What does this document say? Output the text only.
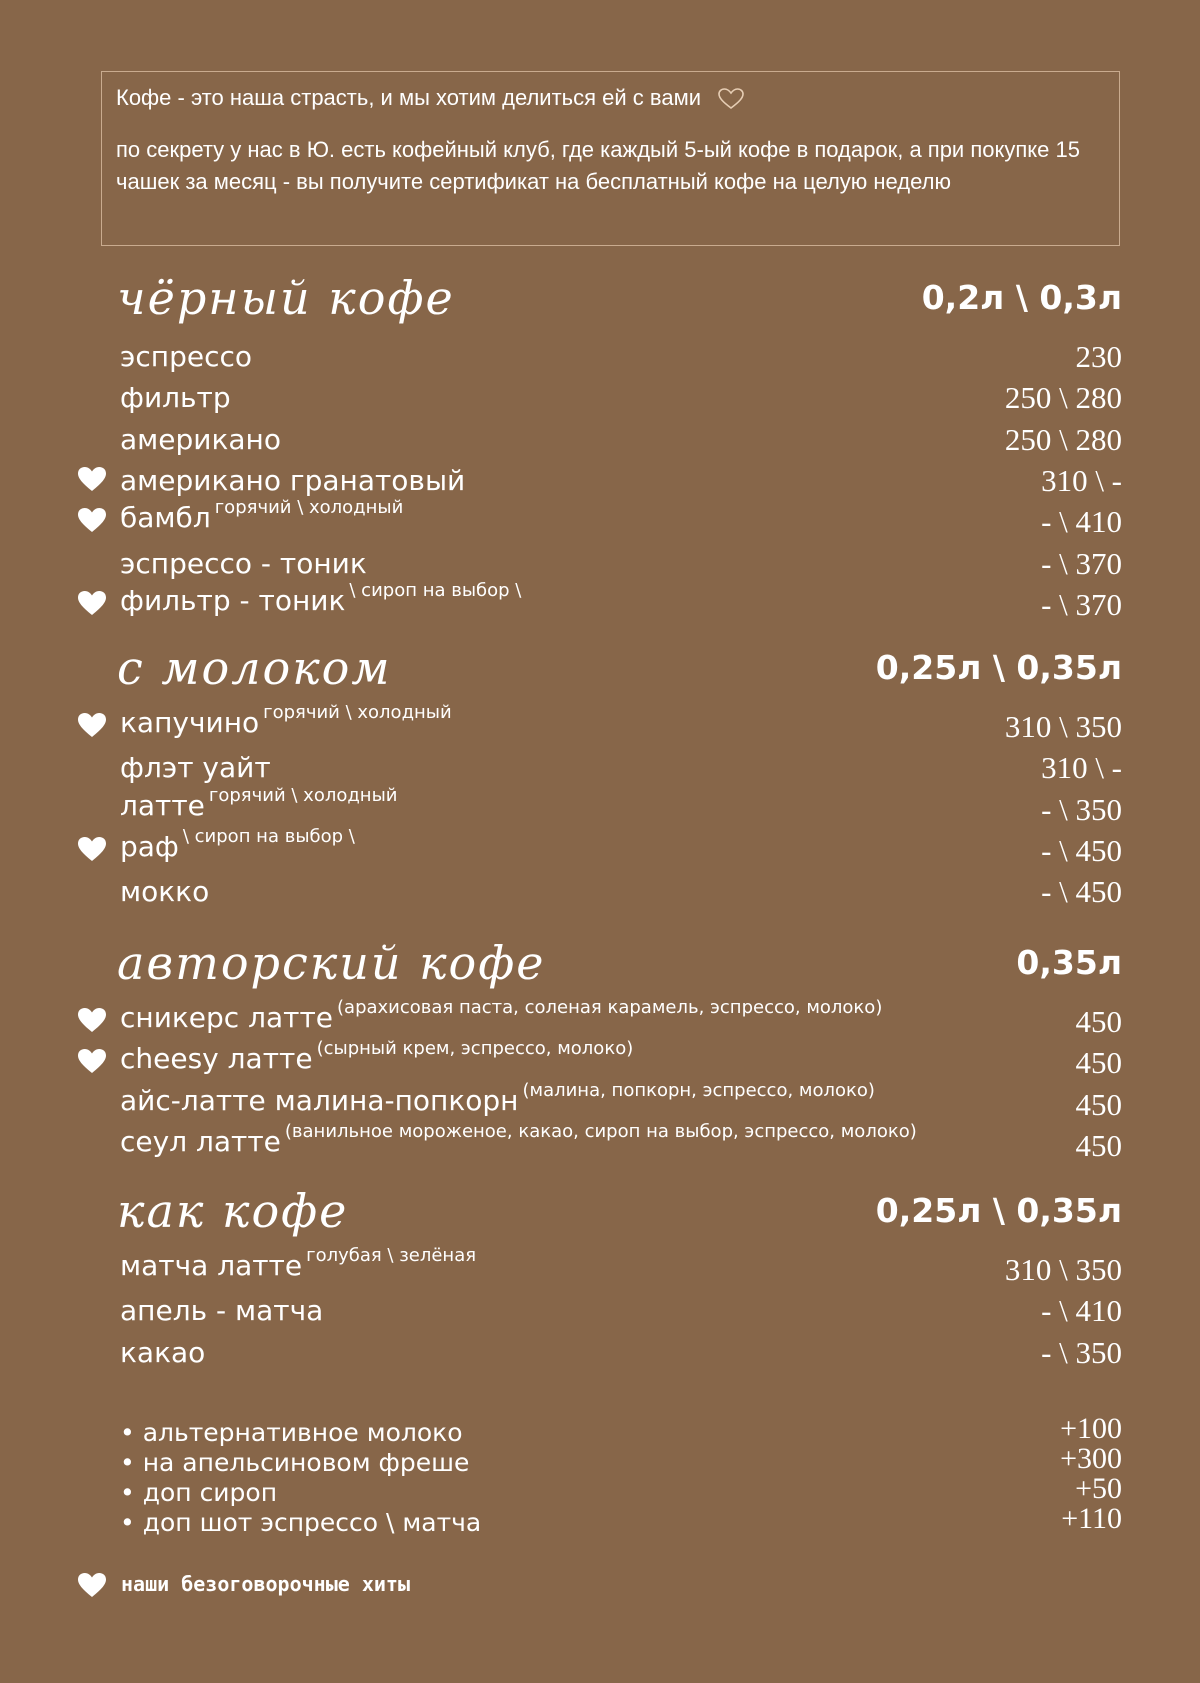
Кофе - это наша страсть, и мы хотим делиться ей с вами

по секрету у нас в Ю. есть кофейный клуб, где каждый 5-ый кофе в подарок, а при покупке 15 чашек за месяц - вы получите сертификат на бесплатный кофе на целую неделю

чёрный кофе	0,2л \ 0,3л
эспрессо	230
фильтр	250 \ 280
американо	250 \ 280
американо гранатовый	310 \ -
бамбл $^{горячий \backslash холодный}$	- \ 410
эспрессо - тоник	- \ 370
фильтр - тоник $^{\backslash сироп на выбор \backslash}$	- \ 370
с молоком	0,25л \ 0,35л
капучино $^{горячий \backslash холодный}$	310 \ 350
флэт уайт	310 \ -
латте $^{горячий \backslash холодный}$	- \ 350
раф $^{\backslash сироп на выбор \backslash}$	- \ 450
мокко	- \ 450
авторский кофе	0,35л
сникерс латте $^{(арахисовая паста, соленая карамель, эспрессо, молоко)}$	450
cheesy латте $^{(сырный крем, эспрессо, молоко)}$	450
айс-латте малина-попкорн $^{(малина, попкорн, эспрессо, молоко)}$	450
сеул латте $^{(ванильное мороженое, какао, сироп на выбор, эспрессо, молоко)}$	450
как кофе	0,25л \ 0,35л
матча латте $^{голубая \backslash зелёная}$	310 \ 350
апель - матча	- \ 410
какао	- \ 350
• альтернативное молоко	+100
• на апельсиновом фреше	+300
• доп сироп	+50
• доп шот эспрессо \ матча	+110
наши безоговорочные хиты
